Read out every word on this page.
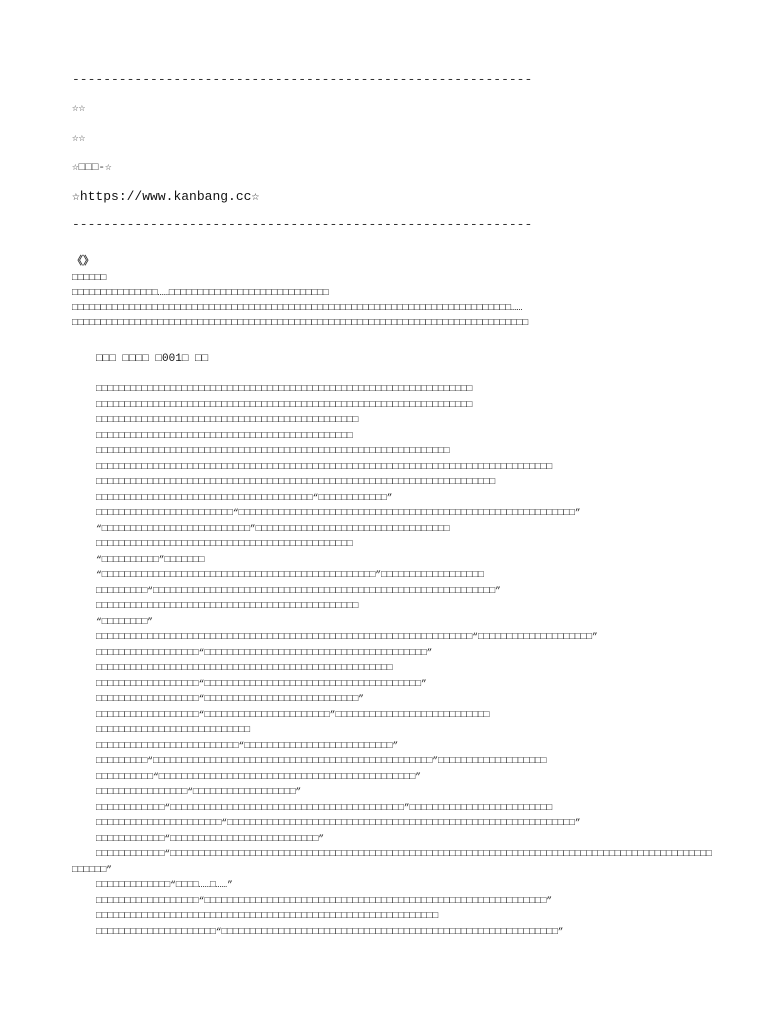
-----------------------------------------------------------
☆☆
☆☆
☆□□□-☆
☆https://www.kanbang.cc☆
-----------------------------------------------------------
《》
□□□□□□
□□□□□□□□□□□□□□□……□□□□□□□□□□□□□□□□□□□□□□□□□□□□
□□□□□□□□□□□□□□□□□□□□□□□□□□□□□□□□□□□□□□□□□□□□□□□□□□□□□□□□□□□□□□□□□□□□□□□□□□□□□……
□□□□□□□□□□□□□□□□□□□□□□□□□□□□□□□□□□□□□□□□□□□□□□□□□□□□□□□□□□□□□□□□□□□□□□□□□□□□□□□□
□□□ □□□□ □001□ □□

□□□□□□□□□□□□□□□□□□□□□□□□□□□□□□□□□□□□□□□□□□□□□□□□□□□□□□□□□□□□□□□□□□

□□□□□□□□□□□□□□□□□□□□□□□□□□□□□□□□□□□□□□□□□□□□□□□□□□□□□□□□□□□□□□□□□□

□□□□□□□□□□□□□□□□□□□□□□□□□□□□□□□□□□□□□□□□□□□□□□

□□□□□□□□□□□□□□□□□□□□□□□□□□□□□□□□□□□□□□□□□□□□□

□□□□□□□□□□□□□□□□□□□□□□□□□□□□□□□□□□□□□□□□□□□□□□□□□□□□□□□□□□□□□□

□□□□□□□□□□□□□□□□□□□□□□□□□□□□□□□□□□□□□□□□□□□□□□□□□□□□□□□□□□□□□□□□□□□□□□□□□□□□□□□□

□□□□□□□□□□□□□□□□□□□□□□□□□□□□□□□□□□□□□□□□□□□□□□□□□□□□□□□□□□□□□□□□□□□□□□

□□□□□□□□□□□□□□□□□□□□□□□□□□□□□□□□□□□□□□“□□□□□□□□□□□□”

□□□□□□□□□□□□□□□□□□□□□□□□“□□□□□□□□□□□□□□□□□□□□□□□□□□□□□□□□□□□□□□□□□□□□□□□□□□□□□□□□□□□”

“□□□□□□□□□□□□□□□□□□□□□□□□□□”□□□□□□□□□□□□□□□□□□□□□□□□□□□□□□□□□□

□□□□□□□□□□□□□□□□□□□□□□□□□□□□□□□□□□□□□□□□□□□□□

“□□□□□□□□□□”□□□□□□□

“□□□□□□□□□□□□□□□□□□□□□□□□□□□□□□□□□□□□□□□□□□□□□□□□”□□□□□□□□□□□□□□□□□□

□□□□□□□□□“□□□□□□□□□□□□□□□□□□□□□□□□□□□□□□□□□□□□□□□□□□□□□□□□□□□□□□□□□□□□”

□□□□□□□□□□□□□□□□□□□□□□□□□□□□□□□□□□□□□□□□□□□□□□

“□□□□□□□□”

□□□□□□□□□□□□□□□□□□□□□□□□□□□□□□□□□□□□□□□□□□□□□□□□□□□□□□□□□□□□□□□□□□“□□□□□□□□□□□□□□□□□□□□”

□□□□□□□□□□□□□□□□□□“□□□□□□□□□□□□□□□□□□□□□□□□□□□□□□□□□□□□□□□”

□□□□□□□□□□□□□□□□□□□□□□□□□□□□□□□□□□□□□□□□□□□□□□□□□□□□

□□□□□□□□□□□□□□□□□□“□□□□□□□□□□□□□□□□□□□□□□□□□□□□□□□□□□□□□□”

□□□□□□□□□□□□□□□□□□“□□□□□□□□□□□□□□□□□□□□□□□□□□□”

□□□□□□□□□□□□□□□□□□“□□□□□□□□□□□□□□□□□□□□□□”□□□□□□□□□□□□□□□□□□□□□□□□□□□

□□□□□□□□□□□□□□□□□□□□□□□□□□□

□□□□□□□□□□□□□□□□□□□□□□□□□“□□□□□□□□□□□□□□□□□□□□□□□□□□”

□□□□□□□□□“□□□□□□□□□□□□□□□□□□□□□□□□□□□□□□□□□□□□□□□□□□□□□□□□□”□□□□□□□□□□□□□□□□□□□

□□□□□□□□□□“□□□□□□□□□□□□□□□□□□□□□□□□□□□□□□□□□□□□□□□□□□□□□”

□□□□□□□□□□□□□□□□“□□□□□□□□□□□□□□□□□□”

□□□□□□□□□□□□“□□□□□□□□□□□□□□□□□□□□□□□□□□□□□□□□□□□□□□□□□”□□□□□□□□□□□□□□□□□□□□□□□□□

□□□□□□□□□□□□□□□□□□□□□□“□□□□□□□□□□□□□□□□□□□□□□□□□□□□□□□□□□□□□□□□□□□□□□□□□□□□□□□□□□□□□”

□□□□□□□□□□□□“□□□□□□□□□□□□□□□□□□□□□□□□□□”

□□□□□□□□□□□□“□□□□□□□□□□□□□□□□□□□□□□□□□□□□□□□□□□□□□□□□□□□□□□□□□□□□□□□□□□□□□□□□□□□□□□□□□□□□□□□□□□□□□□□□□□□□□□□□□□□□□”

□□□□□□□□□□□□□“□□□□……□……”

□□□□□□□□□□□□□□□□□□“□□□□□□□□□□□□□□□□□□□□□□□□□□□□□□□□□□□□□□□□□□□□□□□□□□□□□□□□□□□□”

□□□□□□□□□□□□□□□□□□□□□□□□□□□□□□□□□□□□□□□□□□□□□□□□□□□□□□□□□□□□

□□□□□□□□□□□□□□□□□□□□□“□□□□□□□□□□□□□□□□□□□□□□□□□□□□□□□□□□□□□□□□□□□□□□□□□□□□□□□□□□□”
